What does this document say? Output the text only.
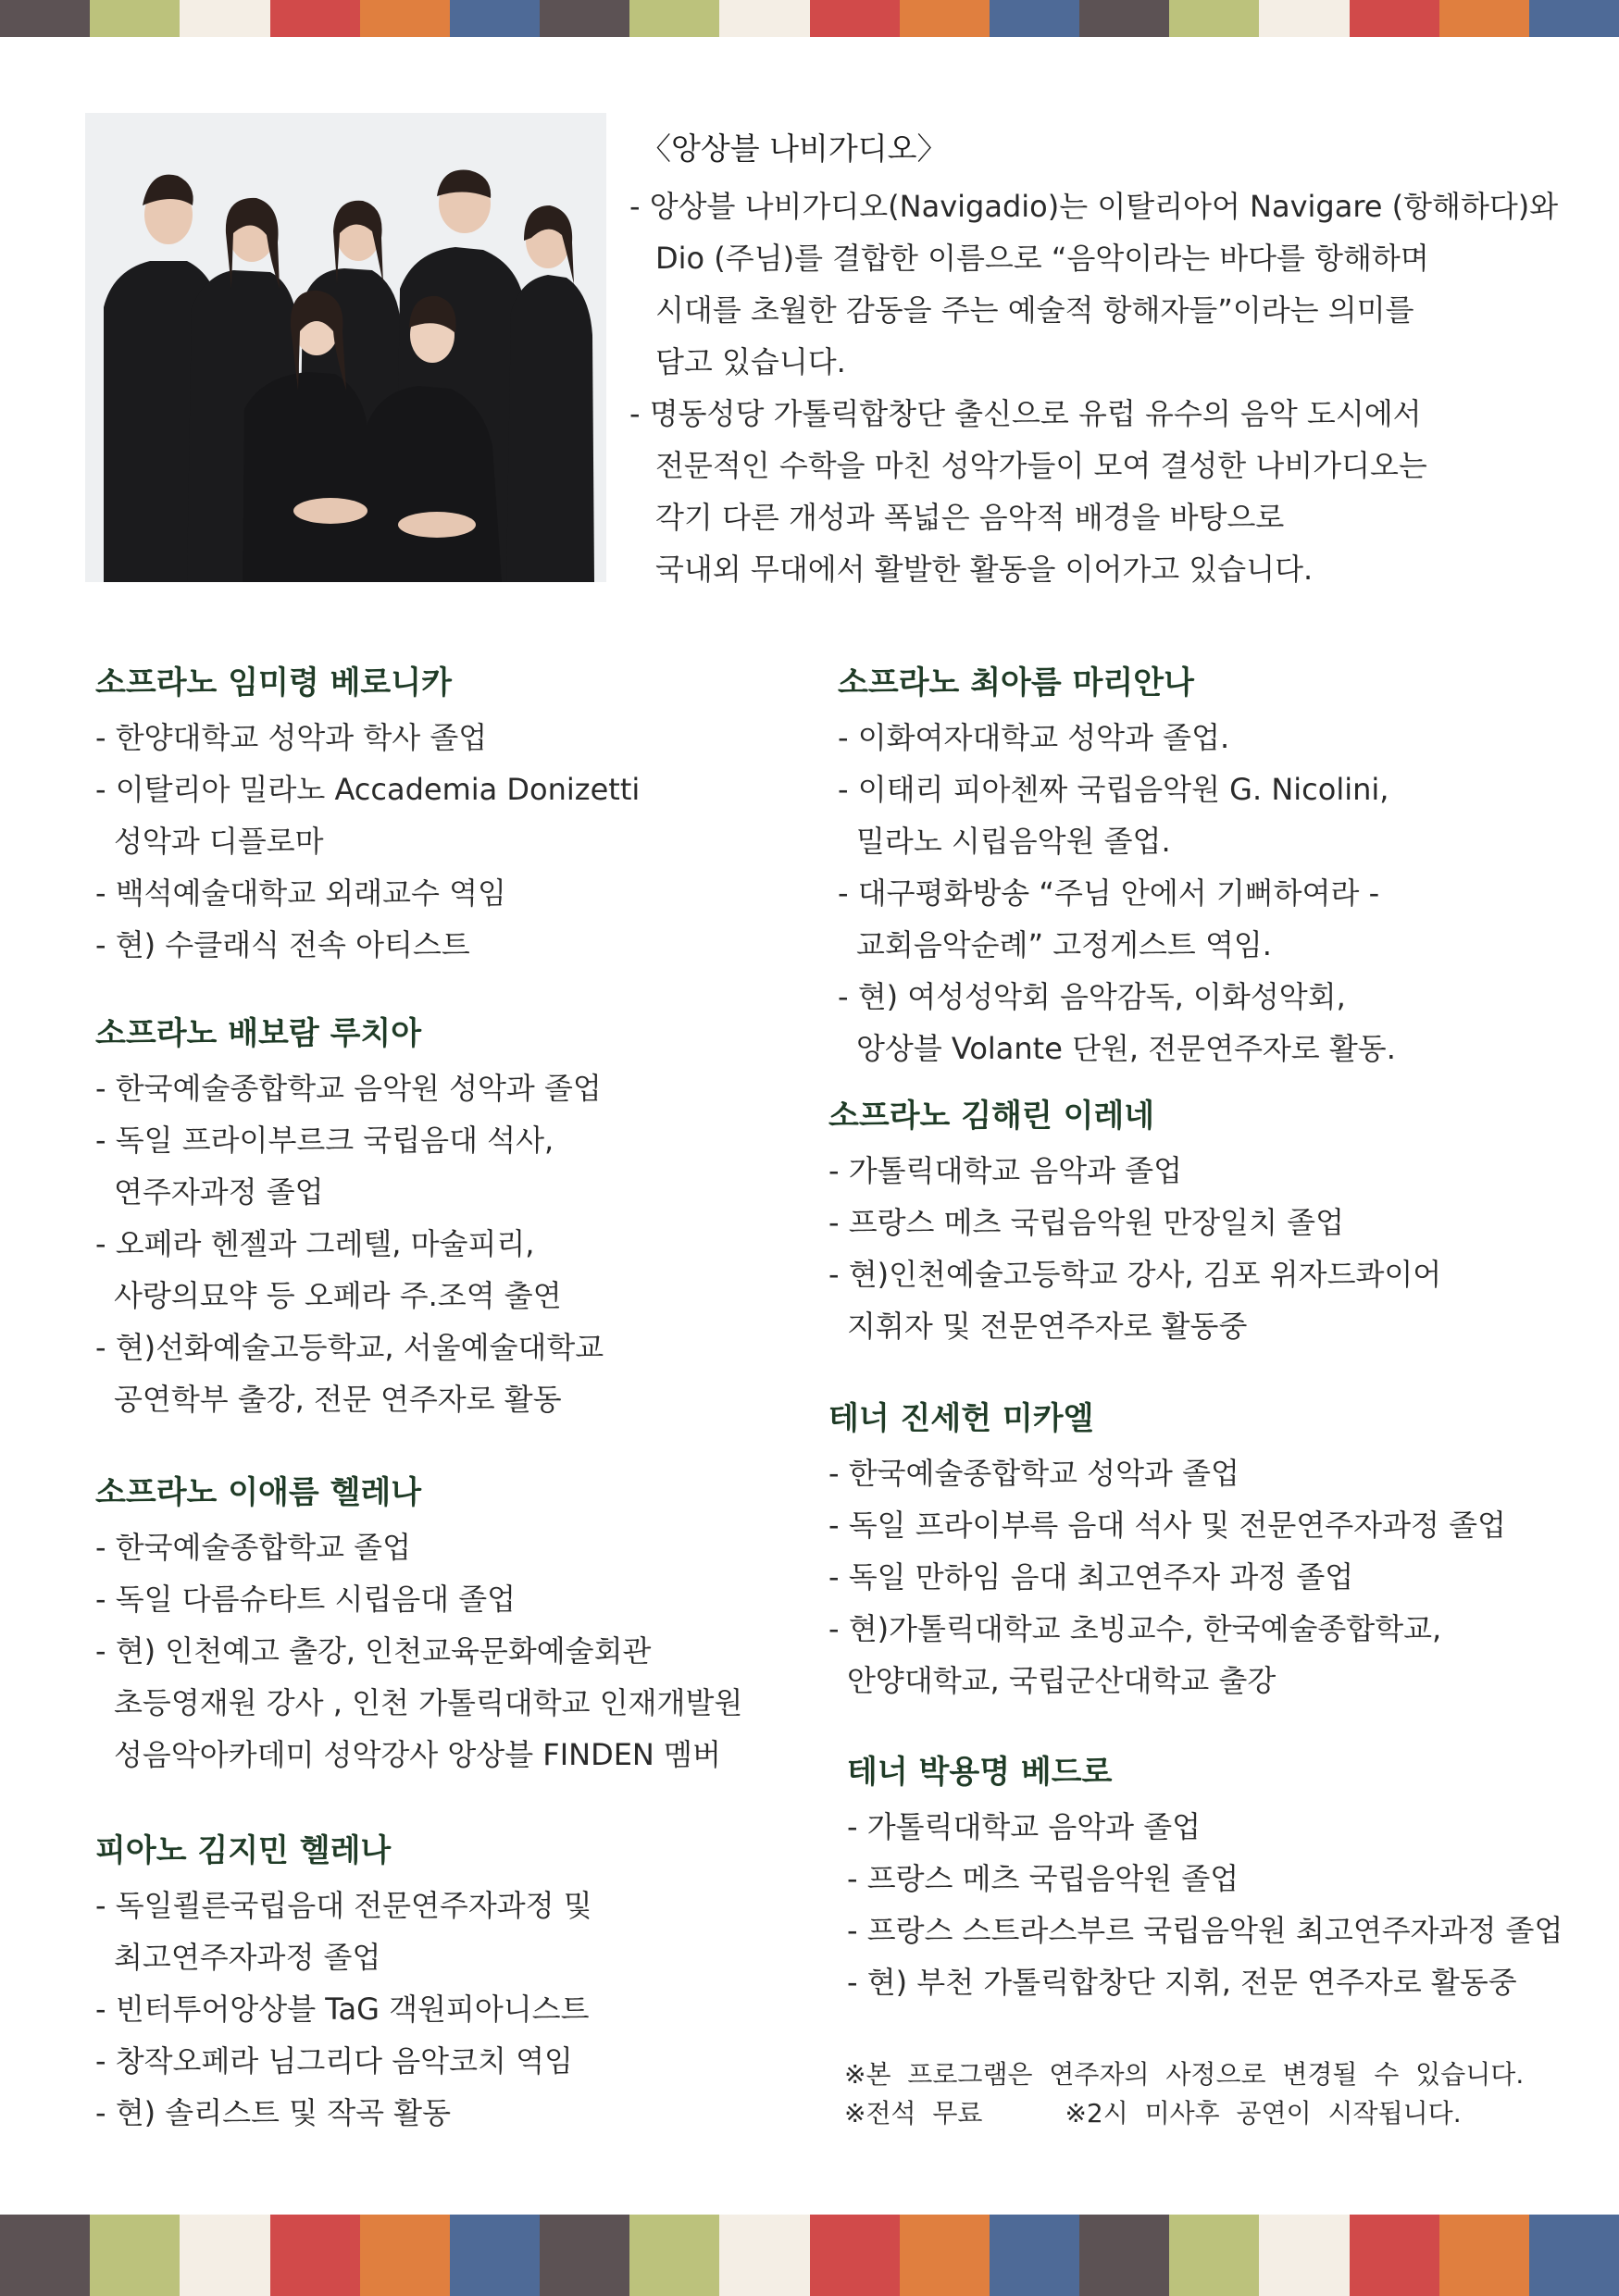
〈앙상블 나비가디오〉
- 앙상블 나비가디오(Navigadio)는 이탈리아어 Navigare (항해하다)와
Dio (주님)를 결합한 이름으로 “음악이라는 바다를 항해하며
시대를 초월한 감동을 주는 예술적 항해자들”이라는 의미를
담고 있습니다.
- 명동성당 가톨릭합창단 출신으로 유럽 유수의 음악 도시에서
전문적인 수학을 마친 성악가들이 모여 결성한 나비가디오는
각기 다른 개성과 폭넓은 음악적 배경을 바탕으로
국내외 무대에서 활발한 활동을 이어가고 있습니다.
소프라노 임미령 베로니카
- 한양대학교 성악과 학사 졸업
- 이탈리아 밀라노 Accademia Donizetti
성악과 디플로마
- 백석예술대학교 외래교수 역임
- 현) 수클래식 전속 아티스트
소프라노 배보람 루치아
- 한국예술종합학교 음악원 성악과 졸업
- 독일 프라이부르크 국립음대 석사,
연주자과정 졸업
- 오페라 헨젤과 그레텔, 마술피리,
사랑의묘약 등 오페라 주.조역 출연
- 현)선화예술고등학교, 서울예술대학교
공연학부 출강, 전문 연주자로 활동
소프라노 이애름 헬레나
- 한국예술종합학교 졸업
- 독일 다름슈타트 시립음대 졸업
- 현) 인천예고 출강, 인천교육문화예술회관
초등영재원 강사 , 인천 가톨릭대학교 인재개발원
성음악아카데미 성악강사 앙상블 FINDEN 멤버
피아노 김지민 헬레나
- 독일쾰른국립음대 전문연주자과정 및
최고연주자과정 졸업
- 빈터투어앙상블 TaG 객원피아니스트
- 창작오페라 님그리다 음악코치 역임
- 현) 솔리스트 및 작곡 활동
소프라노 최아름 마리안나
- 이화여자대학교 성악과 졸업.
- 이태리 피아첸짜 국립음악원 G. Nicolini,
밀라노 시립음악원 졸업.
- 대구평화방송 “주님 안에서 기뻐하여라 -
교회음악순례” 고정게스트 역임.
- 현) 여성성악회 음악감독, 이화성악회,
앙상블 Volante 단원, 전문연주자로 활동.
소프라노 김해린 이레네
- 가톨릭대학교 음악과 졸업
- 프랑스 메츠 국립음악원 만장일치 졸업
- 현)인천예술고등학교 강사, 김포 위자드콰이어
지휘자 및 전문연주자로 활동중
테너 진세헌 미카엘
- 한국예술종합학교 성악과 졸업
- 독일 프라이부륵 음대 석사 및 전문연주자과정 졸업
- 독일 만하임 음대 최고연주자 과정 졸업
- 현)가톨릭대학교 초빙교수, 한국예술종합학교,
안양대학교, 국립군산대학교 출강
테너 박용명 베드로
- 가톨릭대학교 음악과 졸업
- 프랑스 메츠 국립음악원 졸업
- 프랑스 스트라스부르 국립음악원 최고연주자과정 졸업
- 현) 부천 가톨릭합창단 지휘, 전문 연주자로 활동중
※본  프로그램은  연주자의  사정으로  변경될  수  있습니다.
※전석  무료          ※2시  미사후  공연이  시작됩니다.
